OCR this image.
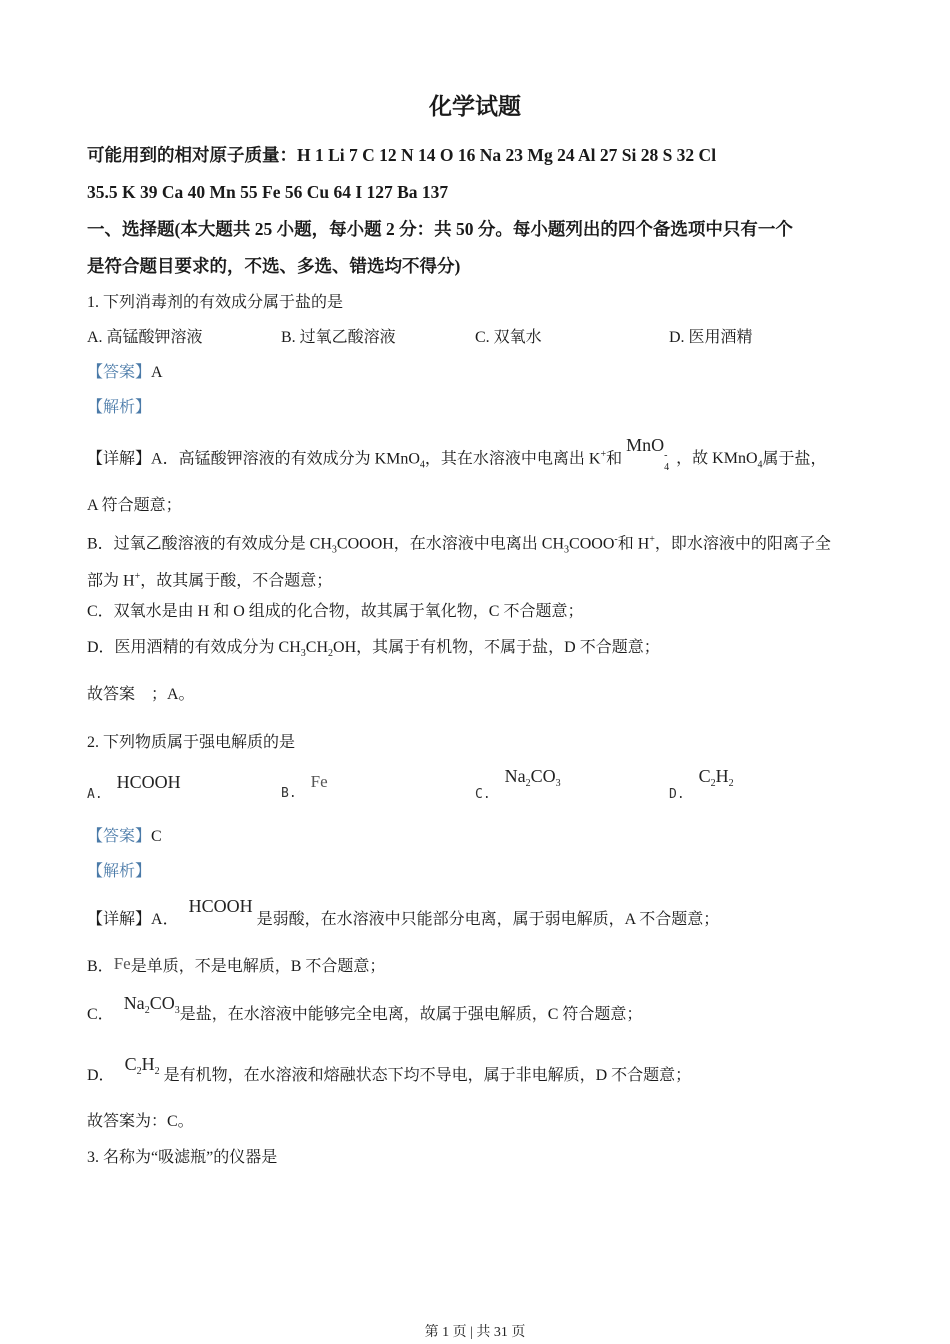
化学试题
可能用到的相对原子质量：H 1 Li 7 C 12 N 14 O 16 Na 23 Mg 24 Al 27 Si 28 S 32 Cl
35.5 K 39 Ca 40 Mn 55 Fe 56 Cu 64 I 127 Ba 137
一、选择题(本大题共 25 小题，每小题 2 分：共 50 分。每小题列出的四个备选项中只有一个
是符合题目要求的，不选、多选、错选均不得分)
1. 下列消毒剂的有效成分属于盐的是
A. 高锰酸钾溶液	B. 过氧乙酸溶液	C. 双氧水	D. 医用酒精
【答案】A
【解析】
【详解】A．高锰酸钾溶液的有效成分为 KMnO$_4$，其在水溶液中电离出 K+和MnO
-
4
，故 KMnO$_4$属于盐，
A 符合题意；
B．过氧乙酸溶液的有效成分是 $CH_3COOOH$，在水溶液中电离出 $CH_3COOO^-$和 H+，即水溶液中的阳离子全
部为 H+，故其属于酸，不合题意；
C．双氧水是由 H 和 O 组成的化合物，故其属于氧化物，C 不合题意；
D．医用酒精的有效成分为 $CH_3CH_2OH$，其属于有机物，不属于盐，D 不合题意；
故答案    ；A。
2. 下列物质属于强电解质的是
$_{A.}$ HCOOH
$_{B.}$ Fe
$_{C.}$ $Na_2CO_3$
$_{D.}$ $C_2H_2$
【答案】C
【解析】
【详解】A．HCOOH是弱酸，在水溶液中只能部分电离，属于弱电解质，A 不合题意；
B．Fe是单质，不是电解质，B 不合题意；
C．$Na_2CO_3$是盐，在水溶液中能够完全电离，故属于强电解质，C 符合题意；
D．$C_2H_2$ 是有机物，在水溶液和熔融状态下均不导电，属于非电解质，D 不合题意；
故答案为：C。
3. 名称为“吸滤瓶”的仪器是
第 1 页 | 共 31 页
